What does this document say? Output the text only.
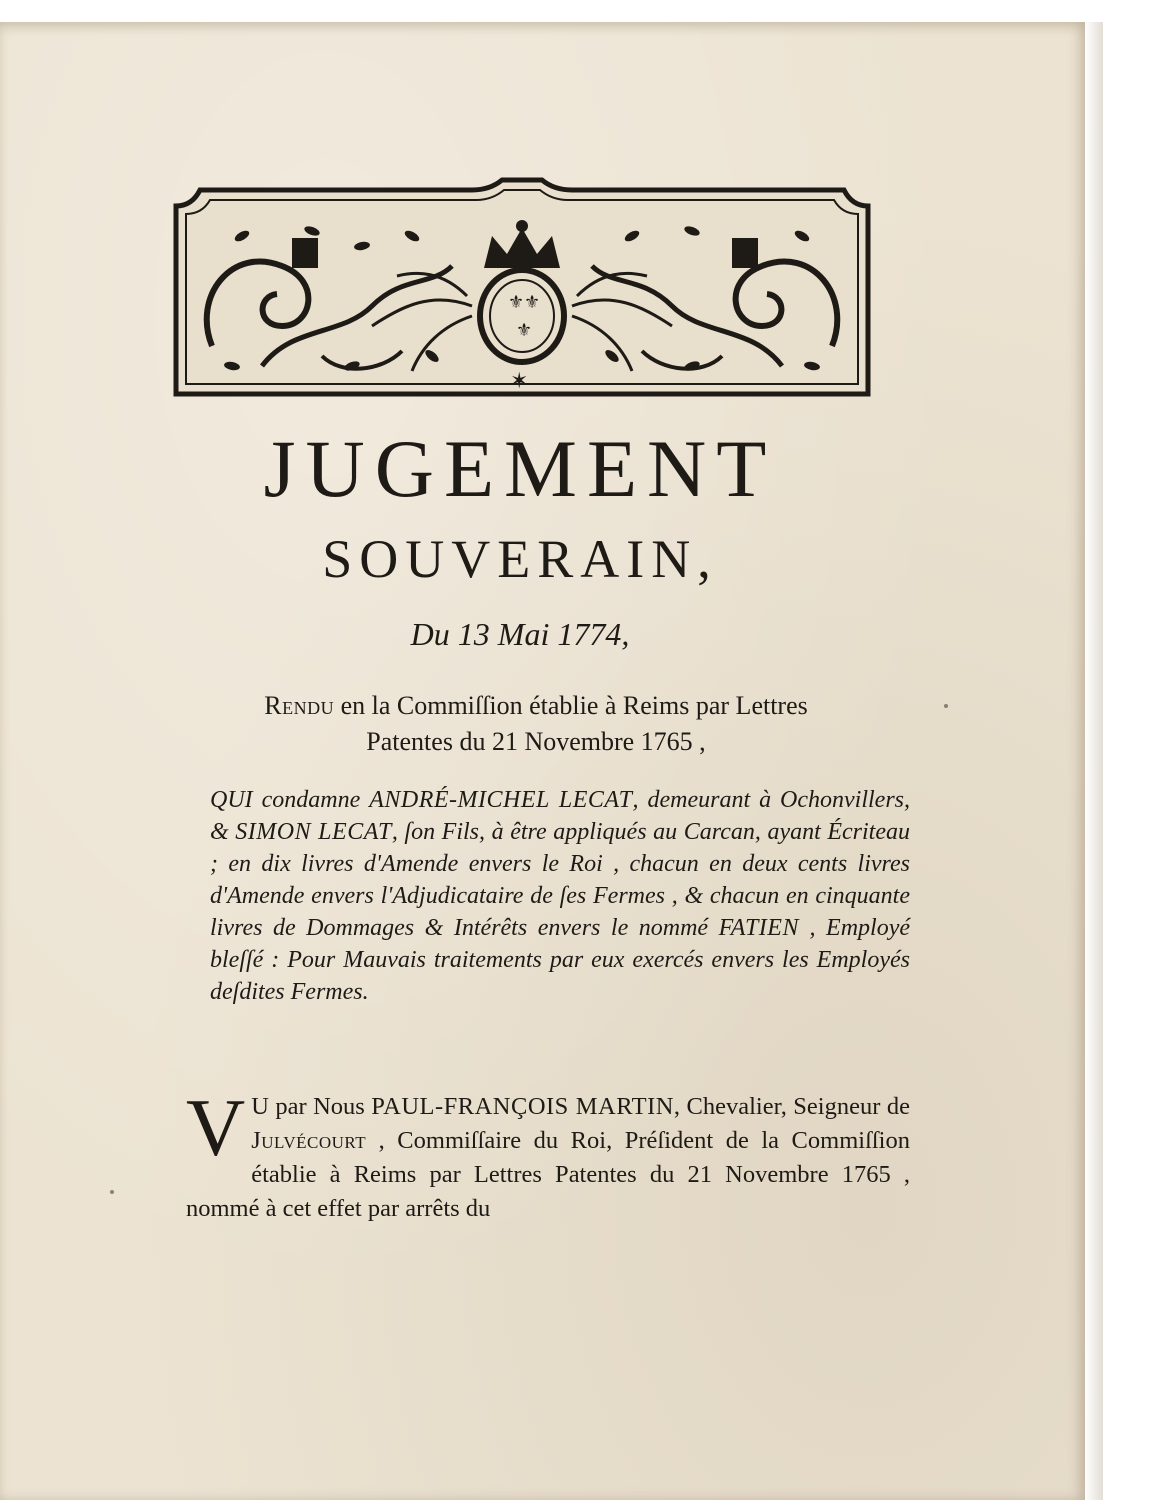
⚜ ⚜
⚜
✶
JUGEMENT
SOUVERAIN,

Du 13 Mai 1774,

Rendu en la Commiſſion établie à Reims par Lettres
Patentes du 21 Novembre 1765 ,

QUI condamne ANDRÉ-MICHEL LECAT, demeurant à Ochonvillers, & SIMON LECAT, ſon Fils, à être appliqués au Carcan, ayant Écriteau ; en dix livres d'Amende envers le Roi , chacun en deux cents livres d'Amende envers l'Adjudicataire de ſes Fermes , & chacun en cinquante livres de Dommages & Intérêts envers le nommé FATIEN , Employé bleſſé : Pour Mauvais traitements par eux exercés envers les Employés deſdites Fermes.

V U par Nous PAUL-FRANÇOIS MARTIN, Chevalier, Seigneur de Julvécourt , Commiſſaire du Roi, Préſident de la Commiſſion établie à Reims par Lettres Patentes du 21 Novembre 1765 , nommé à cet effet par arrêts du
